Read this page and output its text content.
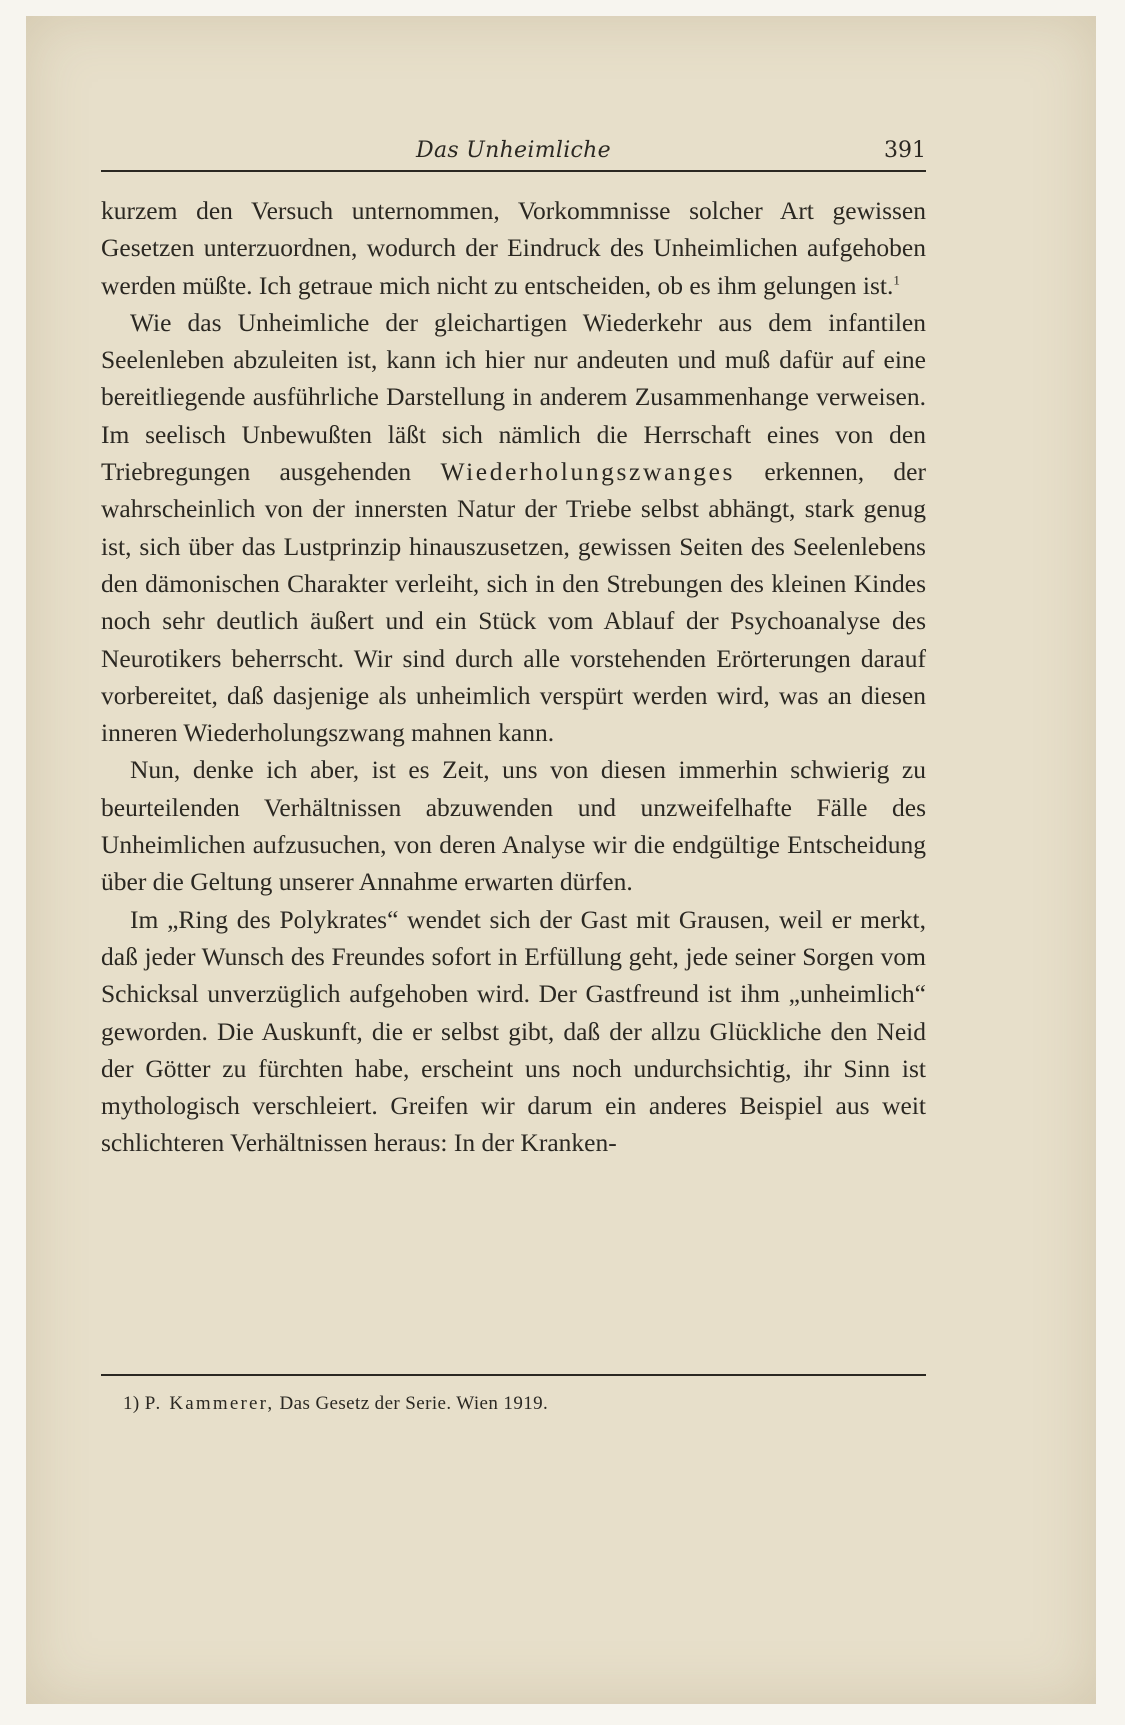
Das Unheimliche	391

kurzem den Versuch unternommen, Vorkommnisse solcher Art gewissen Gesetzen unterzuordnen, wodurch der Eindruck des Unheimlichen aufgehoben werden müßte. Ich getraue mich nicht zu entscheiden, ob es ihm gelungen ist.$^1$

Wie das Unheimliche der gleichartigen Wiederkehr aus dem infantilen Seelenleben abzuleiten ist, kann ich hier nur andeuten und muß dafür auf eine bereitliegende ausführliche Darstellung in anderem Zusammenhange verweisen. Im seelisch Unbewußten läßt sich nämlich die Herrschaft eines von den Triebregungen ausgehenden Wiederholungszwanges erkennen, der wahrscheinlich von der innersten Natur der Triebe selbst abhängt, stark genug ist, sich über das Lustprinzip hinauszusetzen, gewissen Seiten des Seelenlebens den dämonischen Charakter verleiht, sich in den Strebungen des kleinen Kindes noch sehr deutlich äußert und ein Stück vom Ablauf der Psychoanalyse des Neurotikers beherrscht. Wir sind durch alle vorstehenden Erörterungen darauf vorbereitet, daß dasjenige als unheimlich verspürt werden wird, was an diesen inneren Wiederholungszwang mahnen kann.

Nun, denke ich aber, ist es Zeit, uns von diesen immerhin schwierig zu beurteilenden Verhältnissen abzuwenden und unzweifelhafte Fälle des Unheimlichen aufzusuchen, von deren Analyse wir die endgültige Entscheidung über die Geltung unserer Annahme erwarten dürfen.

Im „Ring des Polykrates“ wendet sich der Gast mit Grausen, weil er merkt, daß jeder Wunsch des Freundes sofort in Erfüllung geht, jede seiner Sorgen vom Schicksal unverzüglich aufgehoben wird. Der Gastfreund ist ihm „unheimlich“ geworden. Die Auskunft, die er selbst gibt, daß der allzu Glückliche den Neid der Götter zu fürchten habe, erscheint uns noch undurchsichtig, ihr Sinn ist mythologisch verschleiert. Greifen wir darum ein anderes Beispiel aus weit schlichteren Verhältnissen heraus: In der Kranken-

1) P. Kammerer, Das Gesetz der Serie. Wien 1919.
